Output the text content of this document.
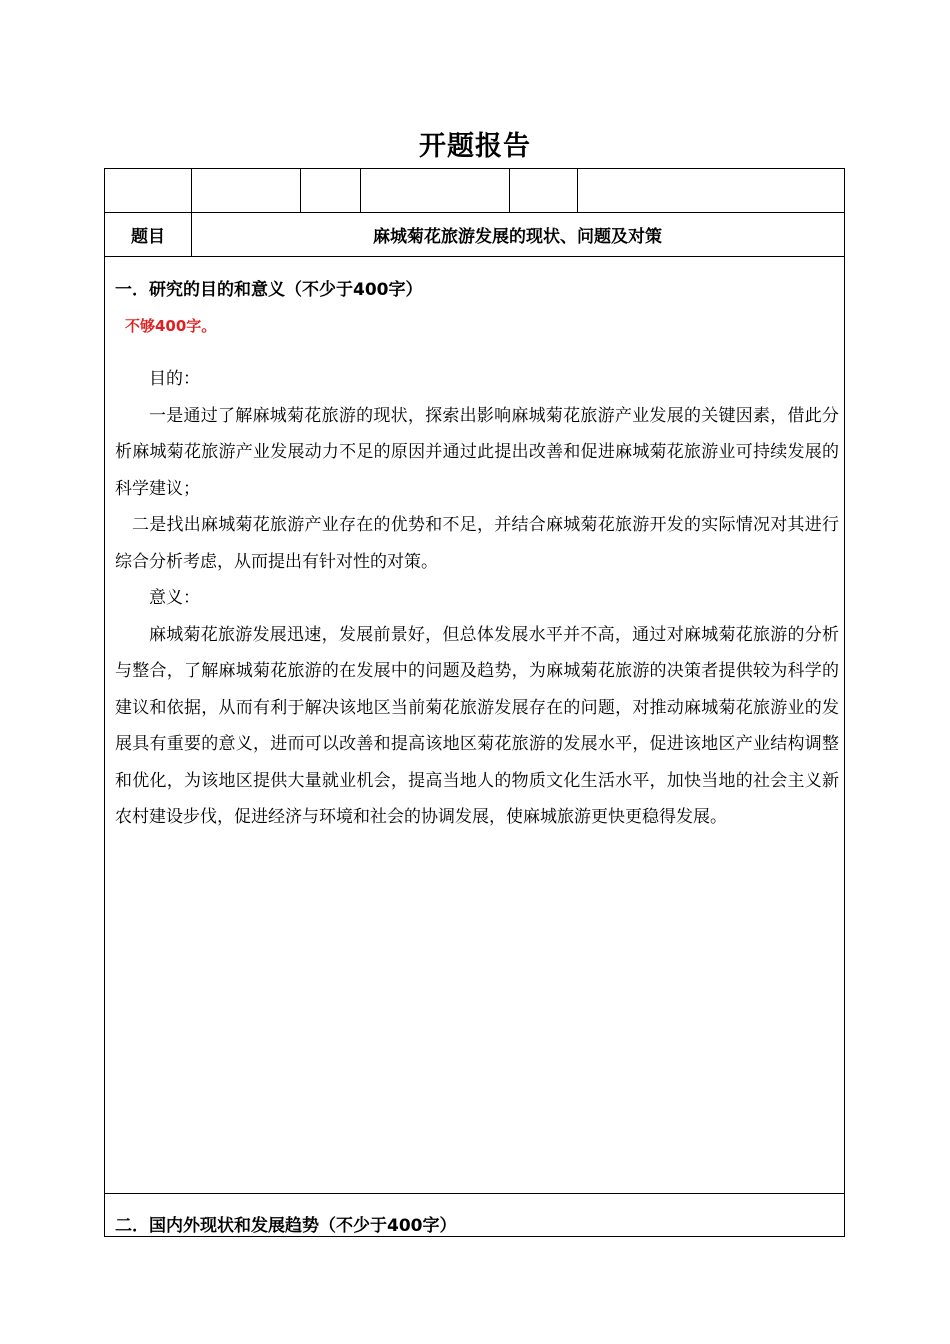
开题报告
题目	麻城菊花旅游发展的现状、问题及对策
一．研究的目的和意义（不少于400字）
不够400字。

目的：

一是通过了解麻城菊花旅游的现状，探索出影响麻城菊花旅游产业发展的关键因素，借此分析麻城菊花旅游产业发展动力不足的原因并通过此提出改善和促进麻城菊花旅游业可持续发展的科学建议；

二是找出麻城菊花旅游产业存在的优势和不足，并结合麻城菊花旅游开发的实际情况对其进行综合分析考虑，从而提出有针对性的对策。

意义：

麻城菊花旅游发展迅速，发展前景好，但总体发展水平并不高，通过对麻城菊花旅游的分析与整合，了解麻城菊花旅游的在发展中的问题及趋势，为麻城菊花旅游的决策者提供较为科学的建议和依据，从而有利于解决该地区当前菊花旅游发展存在的问题，对推动麻城菊花旅游业的发展具有重要的意义，进而可以改善和提高该地区菊花旅游的发展水平，促进该地区产业结构调整和优化，为该地区提供大量就业机会，提高当地人的物质文化生活水平，加快当地的社会主义新农村建设步伐，促进经济与环境和社会的协调发展，使麻城旅游更快更稳得发展。

二．国内外现状和发展趋势（不少于400字）
